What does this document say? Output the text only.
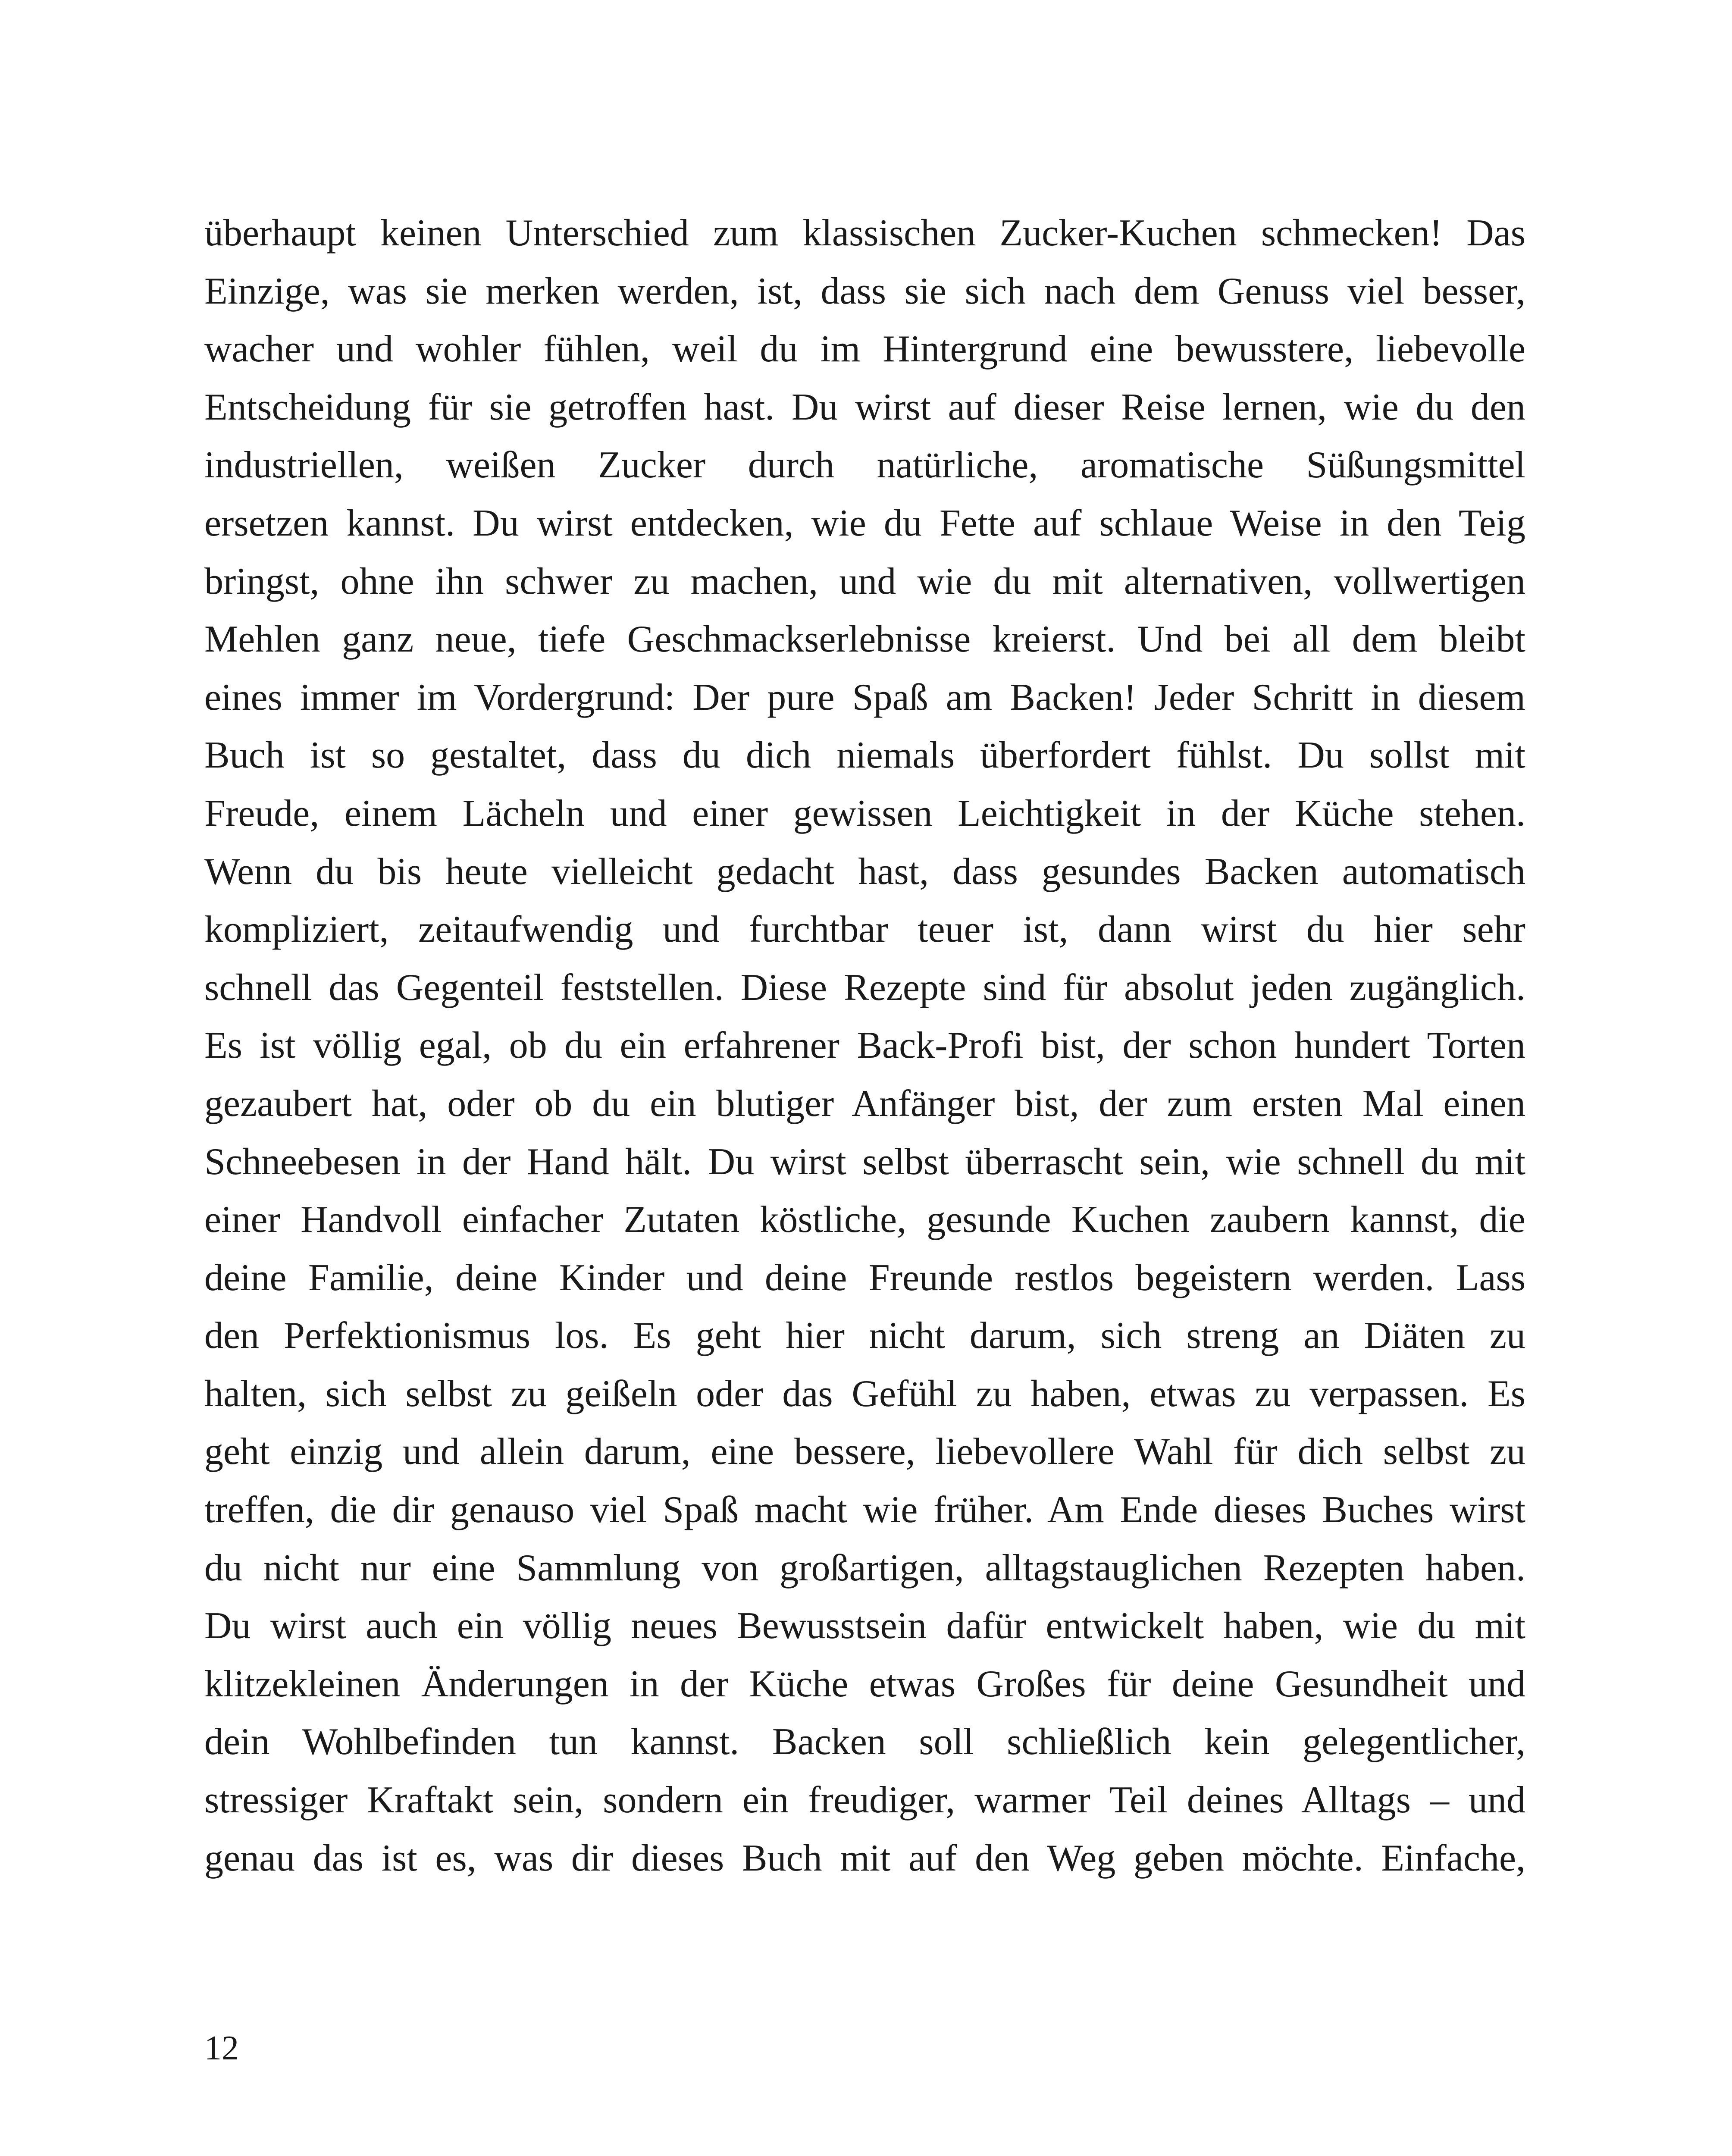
überhaupt keinen Unterschied zum klassischen Zucker-Kuchen schmecken! Das
Einzige, was sie merken werden, ist, dass sie sich nach dem Genuss viel besser,
wacher und wohler fühlen, weil du im Hintergrund eine bewusstere, liebevolle
Entscheidung für sie getroffen hast. Du wirst auf dieser Reise lernen, wie du den
industriellen, weißen Zucker durch natürliche, aromatische Süßungsmittel
ersetzen kannst. Du wirst entdecken, wie du Fette auf schlaue Weise in den Teig
bringst, ohne ihn schwer zu machen, und wie du mit alternativen, vollwertigen
Mehlen ganz neue, tiefe Geschmackserlebnisse kreierst. Und bei all dem bleibt
eines immer im Vordergrund: Der pure Spaß am Backen! Jeder Schritt in diesem
Buch ist so gestaltet, dass du dich niemals überfordert fühlst. Du sollst mit
Freude, einem Lächeln und einer gewissen Leichtigkeit in der Küche stehen.
Wenn du bis heute vielleicht gedacht hast, dass gesundes Backen automatisch
kompliziert, zeitaufwendig und furchtbar teuer ist, dann wirst du hier sehr
schnell das Gegenteil feststellen. Diese Rezepte sind für absolut jeden zugänglich.
Es ist völlig egal, ob du ein erfahrener Back-Profi bist, der schon hundert Torten
gezaubert hat, oder ob du ein blutiger Anfänger bist, der zum ersten Mal einen
Schneebesen in der Hand hält. Du wirst selbst überrascht sein, wie schnell du mit
einer Handvoll einfacher Zutaten köstliche, gesunde Kuchen zaubern kannst, die
deine Familie, deine Kinder und deine Freunde restlos begeistern werden. Lass
den Perfektionismus los. Es geht hier nicht darum, sich streng an Diäten zu
halten, sich selbst zu geißeln oder das Gefühl zu haben, etwas zu verpassen. Es
geht einzig und allein darum, eine bessere, liebevollere Wahl für dich selbst zu
treffen, die dir genauso viel Spaß macht wie früher. Am Ende dieses Buches wirst
du nicht nur eine Sammlung von großartigen, alltagstauglichen Rezepten haben.
Du wirst auch ein völlig neues Bewusstsein dafür entwickelt haben, wie du mit
klitzekleinen Änderungen in der Küche etwas Großes für deine Gesundheit und
dein Wohlbefinden tun kannst. Backen soll schließlich kein gelegentlicher,
stressiger Kraftakt sein, sondern ein freudiger, warmer Teil deines Alltags – und
genau das ist es, was dir dieses Buch mit auf den Weg geben möchte. Einfache,
12
